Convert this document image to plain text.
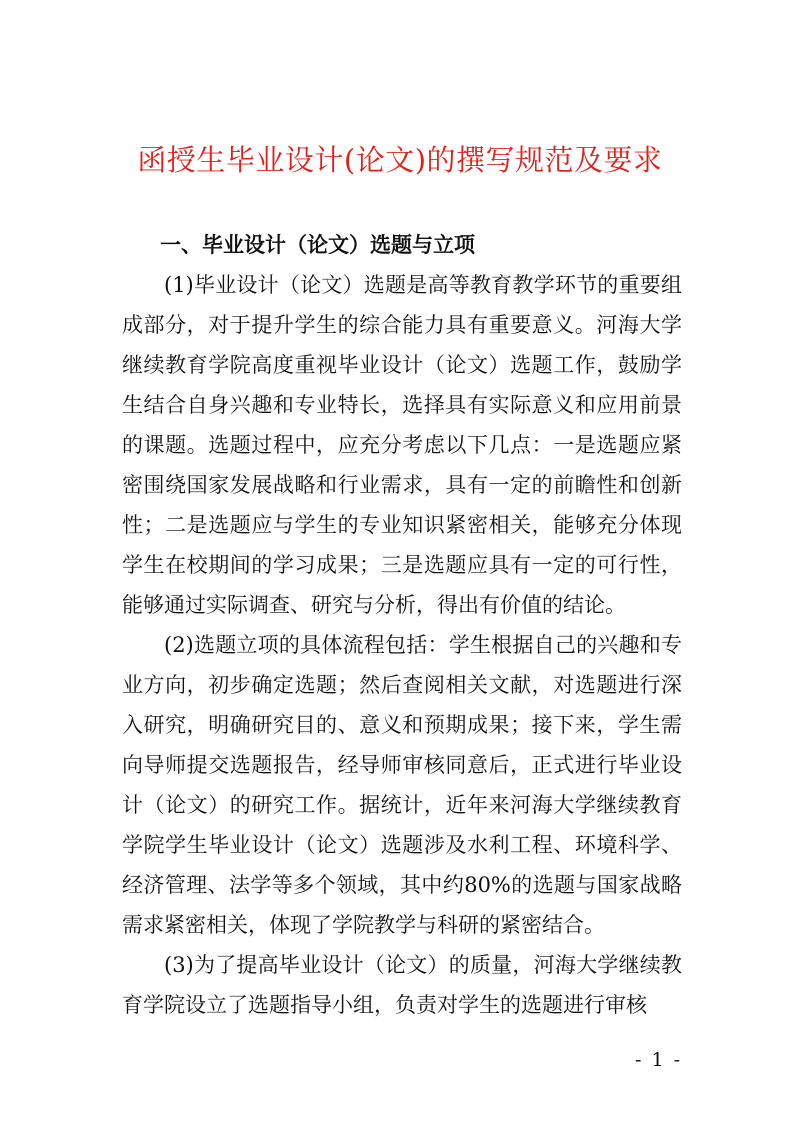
函授生毕业设计(论文)的撰写规范及要求
一、毕业设计（论文）选题与立项

(1)毕业设计（论文）选题是高等教育教学环节的重要组成部分，对于提升学生的综合能力具有重要意义。河海大学继续教育学院高度重视毕业设计（论文）选题工作，鼓励学生结合自身兴趣和专业特长，选择具有实际意义和应用前景的课题。选题过程中，应充分考虑以下几点：一是选题应紧密围绕国家发展战略和行业需求，具有一定的前瞻性和创新性；二是选题应与学生的专业知识紧密相关，能够充分体现学生在校期间的学习成果；三是选题应具有一定的可行性，能够通过实际调查、研究与分析，得出有价值的结论。

(2)选题立项的具体流程包括：学生根据自己的兴趣和专业方向，初步确定选题；然后查阅相关文献，对选题进行深入研究，明确研究目的、意义和预期成果；接下来，学生需向导师提交选题报告，经导师审核同意后，正式进行毕业设计（论文）的研究工作。据统计，近年来河海大学继续教育学院学生毕业设计（论文）选题涉及水利工程、环境科学、经济管理、法学等多个领域，其中约80%的选题与国家战略需求紧密相关，体现了学院教学与科研的紧密结合。

(3)为了提高毕业设计（论文）的质量，河海大学继续教育学院设立了选题指导小组，负责对学生的选题进行审核

- 1 -
